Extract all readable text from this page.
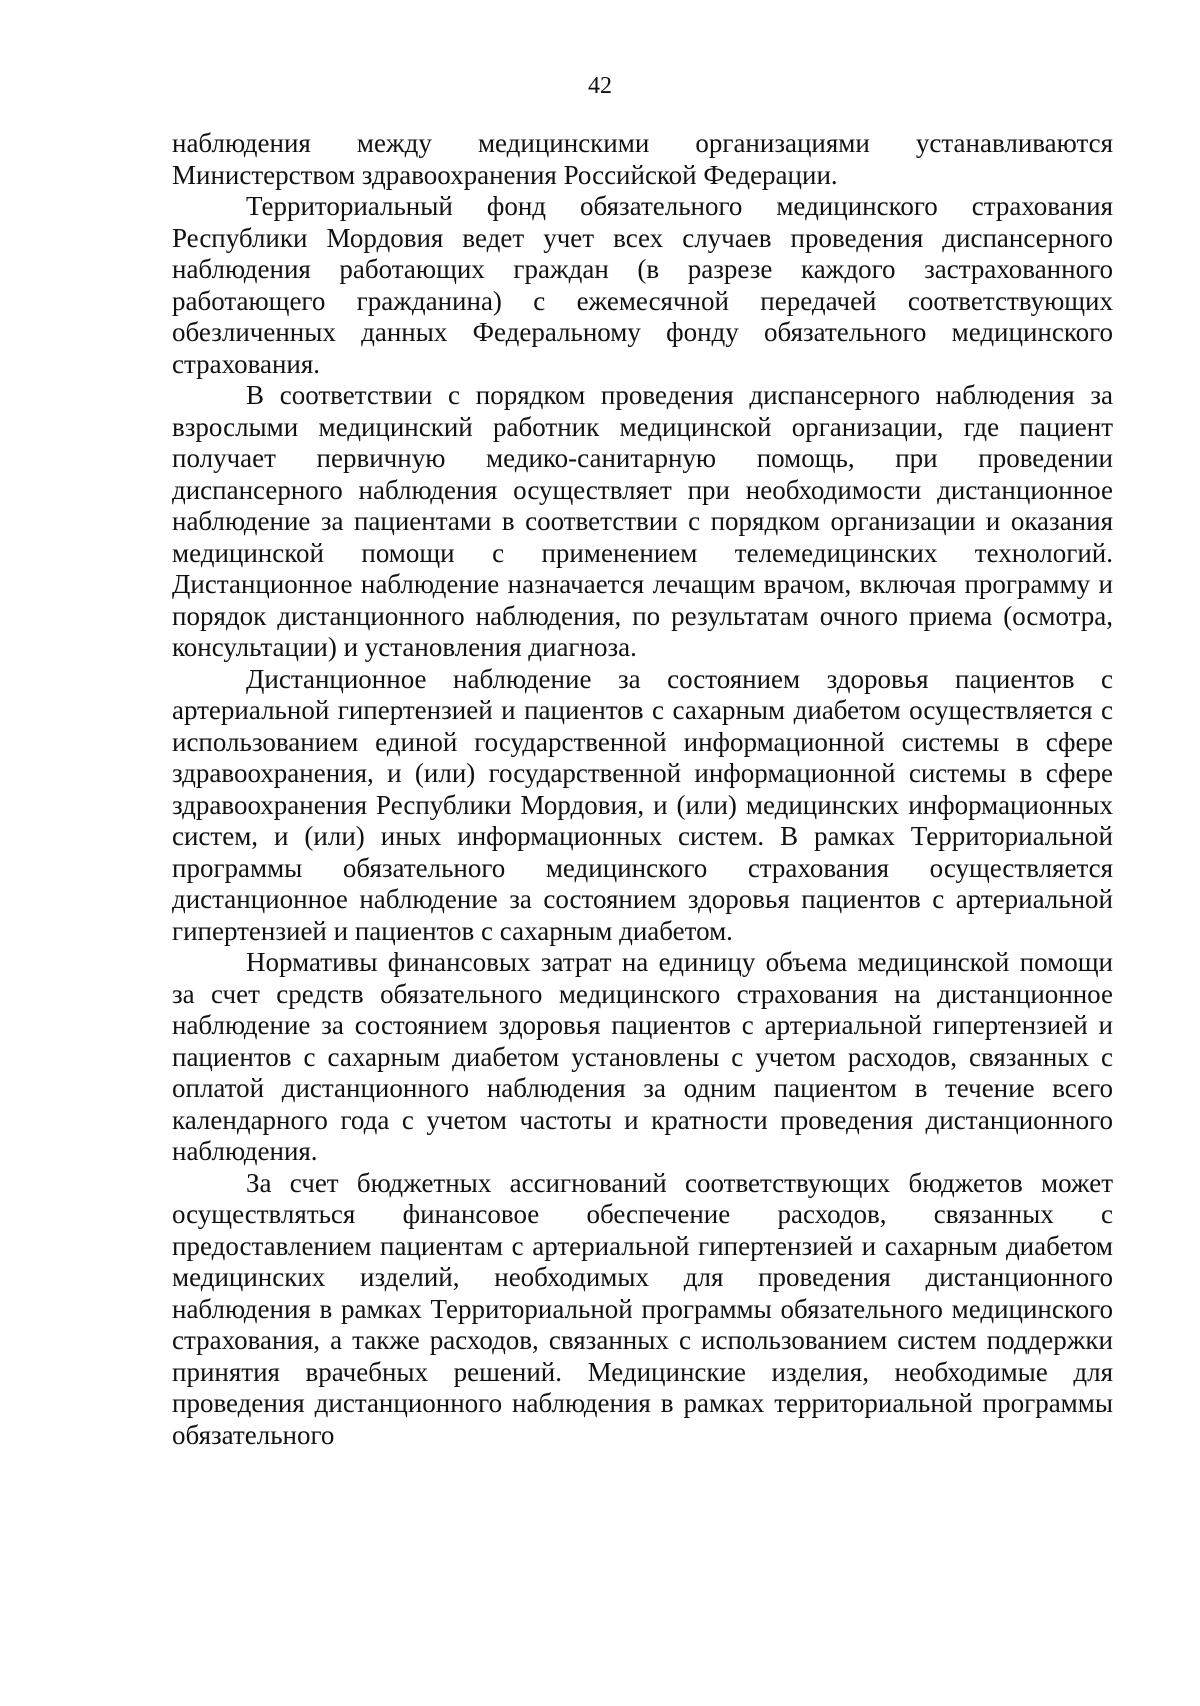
42

наблюдения между медицинскими организациями устанавливаются Министерством здравоохранения Российской Федерации.

Территориальный фонд обязательного медицинского страхования Республики Мордовия ведет учет всех случаев проведения диспансерного наблюдения работающих граждан (в разрезе каждого застрахованного работающего гражданина) с ежемесячной передачей соответствующих обезличенных данных Федеральному фонду обязательного медицинского страхования.

В соответствии с порядком проведения диспансерного наблюдения за взрослыми медицинский работник медицинской организации, где пациент получает первичную медико-санитарную помощь, при проведении диспансерного наблюдения осуществляет при необходимости дистанционное наблюдение за пациентами в соответствии с порядком организации и оказания медицинской помощи с применением телемедицинских технологий. Дистанционное наблюдение назначается лечащим врачом, включая программу и порядок дистанционного наблюдения, по результатам очного приема (осмотра, консультации) и установления диагноза.

Дистанционное наблюдение за состоянием здоровья пациентов с артериальной гипертензией и пациентов с сахарным диабетом осуществляется с использованием единой государственной информационной системы в сфере здравоохранения, и (или) государственной информационной системы в сфере здравоохранения Республики Мордовия, и (или) медицинских информационных систем, и (или) иных информационных систем. В рамках Территориальной программы обязательного медицинского страхования осуществляется дистанционное наблюдение за состоянием здоровья пациентов с артериальной гипертензией и пациентов с сахарным диабетом.

Нормативы финансовых затрат на единицу объема медицинской помощи за счет средств обязательного медицинского страхования на дистанционное наблюдение за состоянием здоровья пациентов с артериальной гипертензией и пациентов с сахарным диабетом установлены с учетом расходов, связанных с оплатой дистанционного наблюдения за одним пациентом в течение всего календарного года с учетом частоты и кратности проведения дистанционного наблюдения.

За счет бюджетных ассигнований соответствующих бюджетов может осуществляться финансовое обеспечение расходов, связанных с предоставлением пациентам с артериальной гипертензией и сахарным диабетом медицинских изделий, необходимых для проведения дистанционного наблюдения в рамках Территориальной программы обязательного медицинского страхования, а также расходов, связанных с использованием систем поддержки принятия врачебных решений. Медицинские изделия, необходимые для проведения дистанционного наблюдения в рамках территориальной программы обязательного
